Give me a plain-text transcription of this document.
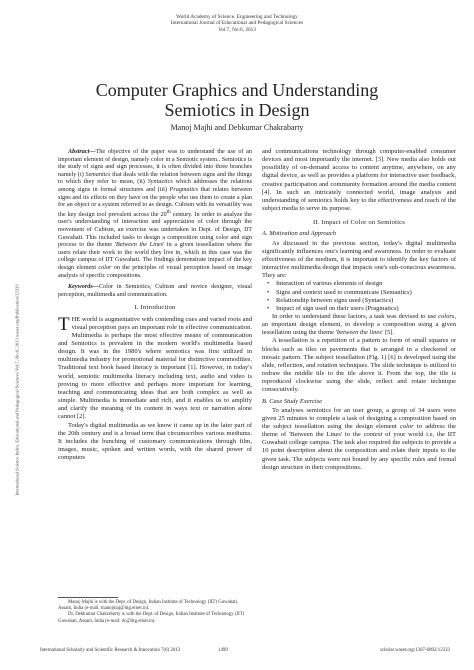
World Academy of Science, Engineering and Technology
International Journal of Educational and Pedagogical Sciences
Vol:7, No:6, 2013
International Science Index, Educational and Pedagogical Sciences Vol:7, No:6, 2013 waset.org/Publication/12333
Computer Graphics and Understanding
Semiotics in Design
Manoj Majhi and Debkumar Chakrabarty

Abstract—The objective of the paper was to understand the use of an important element of design, namely color in a Semiotic system.. Semiotics is the study of signs and sign processes, it is often divided into three branches namely (i) Semantics that deals with the relation between signs and the things to which they refer to mean, (ii) Syntactics which addresses the relations among signs in formal structures and (iii) Pragmatics that relates between signs and its effects on they have on the people who use them to create a plan for an object or a system referred to as design. Cubism with its versatility was the key design tool prevalent across the 20th century. In order to analyze the user's understanding of interaction and appreciation of color through the movement of Cubism, an exercise was undertaken in Dept. of Design, IIT Guwahati. This included tasks to design a composition using color and sign process to the theme 'Between the Lines' in a given tessellation where the users relate their work to the world they live in, which in this case was the college campus of IIT Guwahati. The findings demonstrate impact of the key design element color on the principles of visual perception based on image analysis of specific compositions.

Keywords—Color in Semiotics, Cubism and novice designer, visual perception, multimedia and communication.

I. Introduction

THE world is augmentative with contending cues and varied roots and visual perception pays an important role in effective communication. Multimedia is perhaps the most effective means of communication and Semiotics is prevalent in the modern world's multimedia based design. It was in the 1980's where semiotics was first utilized in multimedia industry for promotional material for distinctive commodities. Traditional text book based literacy is important [1]. However, in today's world, semiotic multimedia literacy including text, audio and video is proving to more effective and perhaps more important for learning, teaching and communicating ideas that are both complex as well as simple. Multimedia is immediate and rich, and it enables us to amplify and clarify the meaning of its content in ways text or narration alone cannot [2].

Today's digital multimedia as we know it came up in the later part of the 20th century and is a broad term that circumscribes various mediums. It includes the bunching of customary communications through film, images, music, spoken and written words, with the shared power of computers

Manoj Majhi is with the Dept. of Design, Indian Institute of Technology (IIT) Guwahati, Assam, India (e-mail: manojmaj@iitg.ernet.in).
Dr. Debkumar Chakrabarty is with the Dept. of Design, Indian Institute of Technology (IIT) Guwahati, Assam, India (e-mail: dc@iitg.ernet.in).

and communications technology through computer-enabled consumer devices and most importantly the internet. [3]. New media also holds out possibility of on-demand access to content anytime, anywhere, on any digital device, as well as provides a platform for interactive user feedback, creative participation and community formation around the media content [4]. In such an intricately connected world, image analysis and understanding of semiotics holds key to the effectiveness and reach of the subject media to serve its purpose.

II. Impact of Color on Semiotics

A. Motivation and Approach

As discussed in the previous section, today's digital multimedia significantly influences one's learning and awareness. In order to evaluate effectiveness of the medium, it is important to identify the key factors of interactive multimedia design that impacts one's sub-conscious awareness. They are:

• Interaction of various elements of design
• Signs and context used to communicate (Semantics)
• Relationship between signs used (Syntactics)
• Impact of sign used on their users (Pragmatics)

In order to understand these factors, a task was devised to use colors, an important design element, to develop a composition using a given tessellation using the theme 'between the lines' [5].

A tessellation is a repetition of a pattern to form of small squares or blocks such as tiles on pavements that is arranged in a checkered or mosaic pattern. The subject tessellation (Fig. 1) [6] is developed using the slide, reflection, and rotation techniques. The slide technique is utilized to redraw the middle tile to the tile above it. From the top, the tile is reproduced clockwise using the slide, reflect and rotate technique consecutively.

B. Case Study Exercise

To analyses semiotics for an user group, a group of 34 users were given 25 minutes to complete a task of designing a composition based on the subject tessellation using the design element color to address the theme of 'Between the Lines' to the context of your world i.e, the IIT Guwahati college campus. The task also required the subjects to provide a 10 point description about the composition and relate their inputs to the given task. The subjects were not bound by any specific rules and formal design structure in their compositions.

International Scholarly and Scientific Research & Innovation 7(6) 2013	1499	scholar.waset.org/1307-6892/12333
